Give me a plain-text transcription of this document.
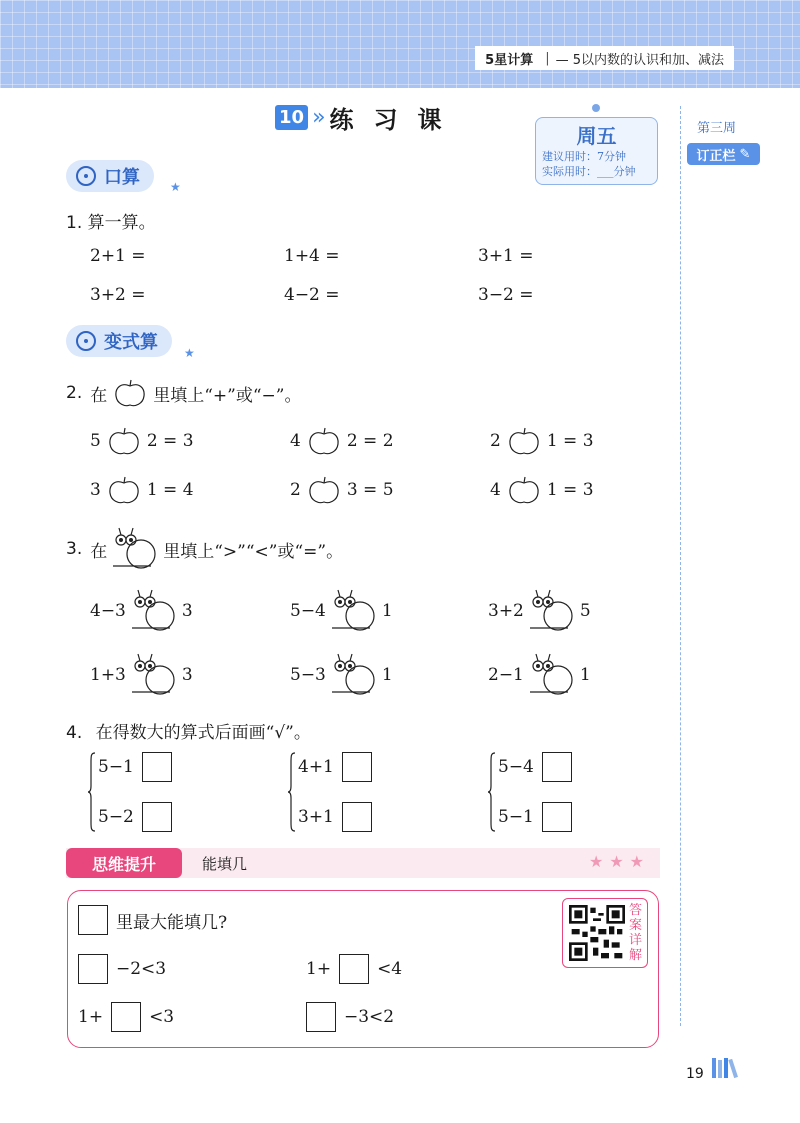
5星计算 | — 5以内数的认识和加、减法
10 » 练习课
周五
建议用时：7分钟
实际用时：___分钟
第三周
订正栏 ✎
口算	★
1. 算一算。
2+1 =	1+4 =	3+1 =
3+2 =	4−2 =	3−2 =
变式算 ★
2. 在	里填上“+”或“−”。
5	2 = 3	4	2 = 2	2	1 = 3
3	1 = 4	2	3 = 5	4	1 = 3
3. 在	里填上“>”“<”或“=”。
4−3	3	5−4	1	3+2	5
1+3	3	5−3	1	2−1	1
4. 在得数大的算式后面画“√”。
5−1
5−2
4+1
3+1
5−4
5−1
思维提升	能填几	★★★
里最大能填几?
−2<3	1+	<4
1+	<3	−3<2
答案详解
19
